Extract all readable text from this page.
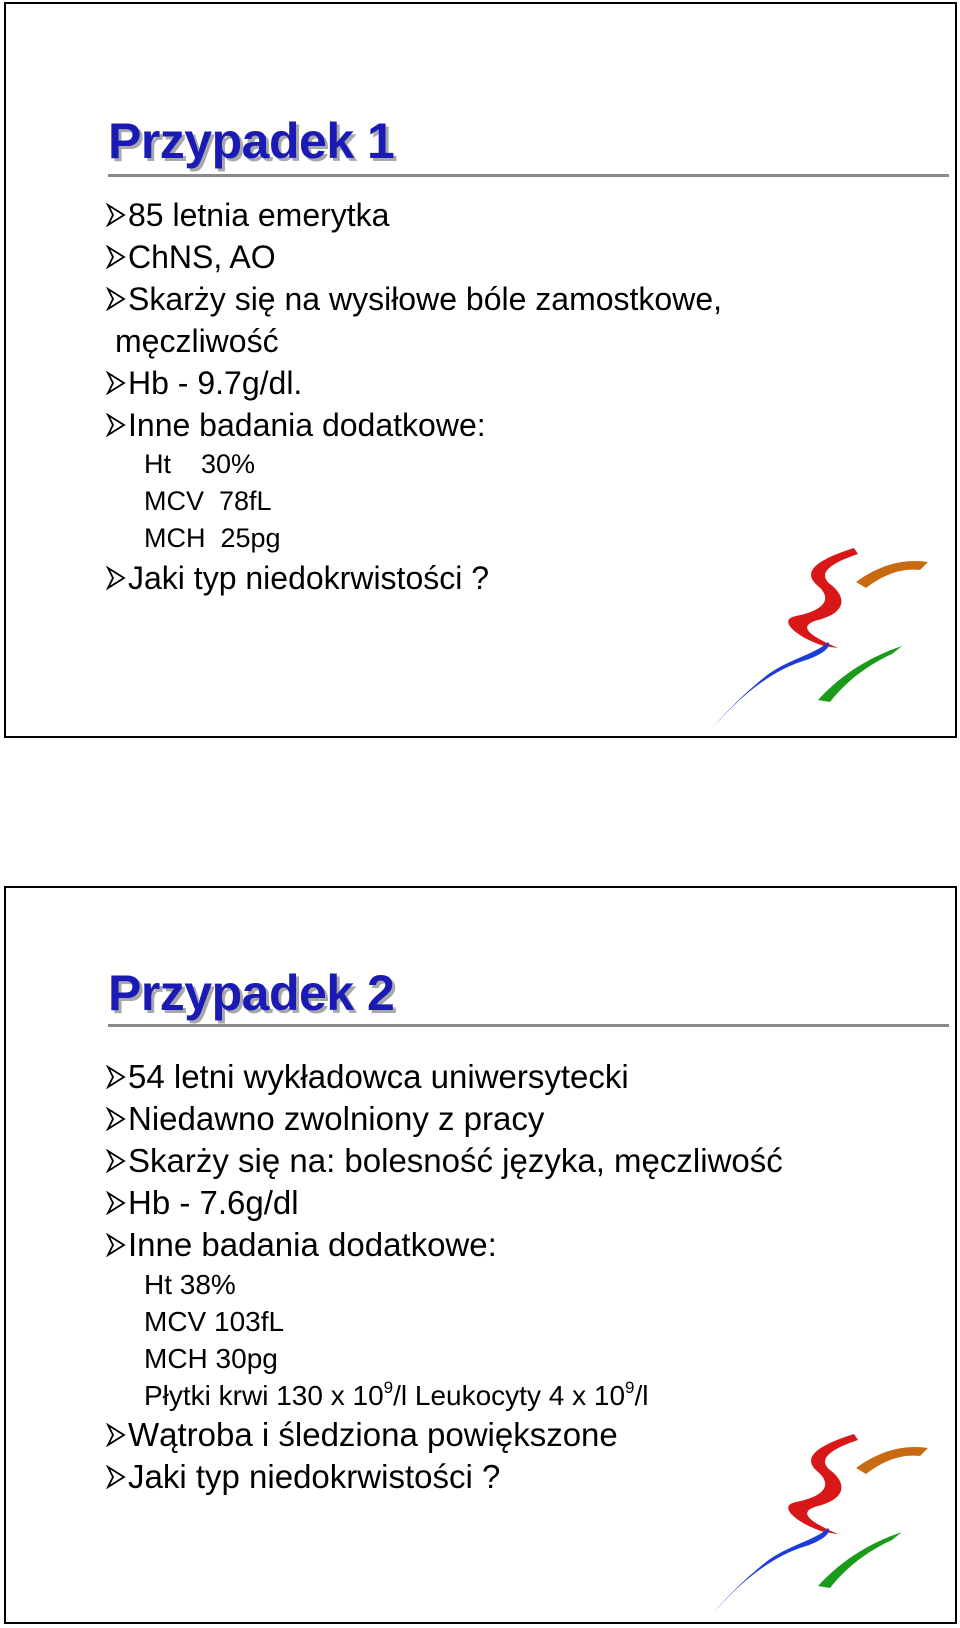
Przypadek 1
85 letnia emerytka
ChNS, AO
Skarży się na wysiłowe bóle zamostkowe,
męczliwość
Hb - 9.7g/dl.
Inne badania dodatkowe:
Ht    30%
MCV  78fL
MCH  25pg
Jaki typ niedokrwistości ?
Przypadek 2
54 letni wykładowca uniwersytecki
Niedawno zwolniony z pracy
Skarży się na: bolesność języka, męczliwość
Hb - 7.6g/dl
Inne badania dodatkowe:
Ht 38%
MCV 103fL
MCH 30pg
Płytki krwi 130 x $10^9/l$ Leukocyty 4 x $10^9/l$
Wątroba i śledziona powiększone
Jaki typ niedokrwistości ?
